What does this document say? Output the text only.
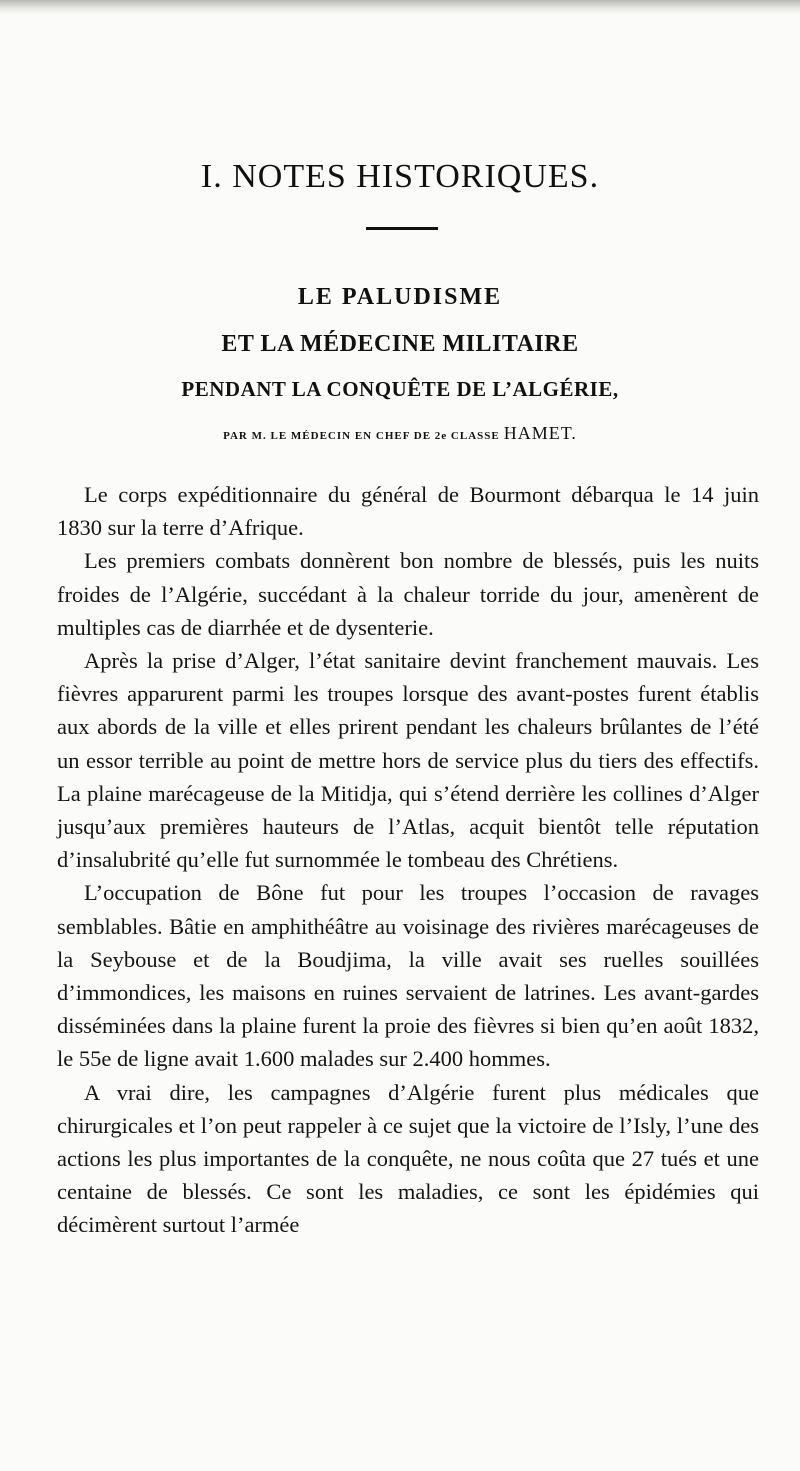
I. NOTES HISTORIQUES.
LE PALUDISME
ET LA MÉDECINE MILITAIRE
PENDANT LA CONQUÊTE DE L’ALGÉRIE,
PAR M. LE MÉDECIN EN CHEF DE 2e CLASSE HAMET.

Le corps expéditionnaire du général de Bourmont débarqua le 14 juin 1830 sur la terre d’Afrique.

Les premiers combats donnèrent bon nombre de blessés, puis les nuits froides de l’Algérie, succédant à la chaleur torride du jour, amenèrent de multiples cas de diarrhée et de dysenterie.

Après la prise d’Alger, l’état sanitaire devint franchement mauvais. Les fièvres apparurent parmi les troupes lorsque des avant-postes furent établis aux abords de la ville et elles prirent pendant les chaleurs brûlantes de l’été un essor terrible au point de mettre hors de service plus du tiers des effectifs. La plaine marécageuse de la Mitidja, qui s’étend derrière les collines d’Alger jusqu’aux premières hauteurs de l’Atlas, acquit bientôt telle réputation d’insalubrité qu’elle fut surnommée le tombeau des Chrétiens.

L’occupation de Bône fut pour les troupes l’occasion de ravages semblables. Bâtie en amphithéâtre au voisinage des rivières marécageuses de la Seybouse et de la Boudjima, la ville avait ses ruelles souillées d’immondices, les maisons en ruines servaient de latrines. Les avant-gardes disséminées dans la plaine furent la proie des fièvres si bien qu’en août 1832, le 55e de ligne avait 1.600 malades sur 2.400 hommes.

A vrai dire, les campagnes d’Algérie furent plus médicales que chirurgicales et l’on peut rappeler à ce sujet que la victoire de l’Isly, l’une des actions les plus importantes de la conquête, ne nous coûta que 27 tués et une centaine de blessés. Ce sont les maladies, ce sont les épidémies qui décimèrent surtout l’armée
